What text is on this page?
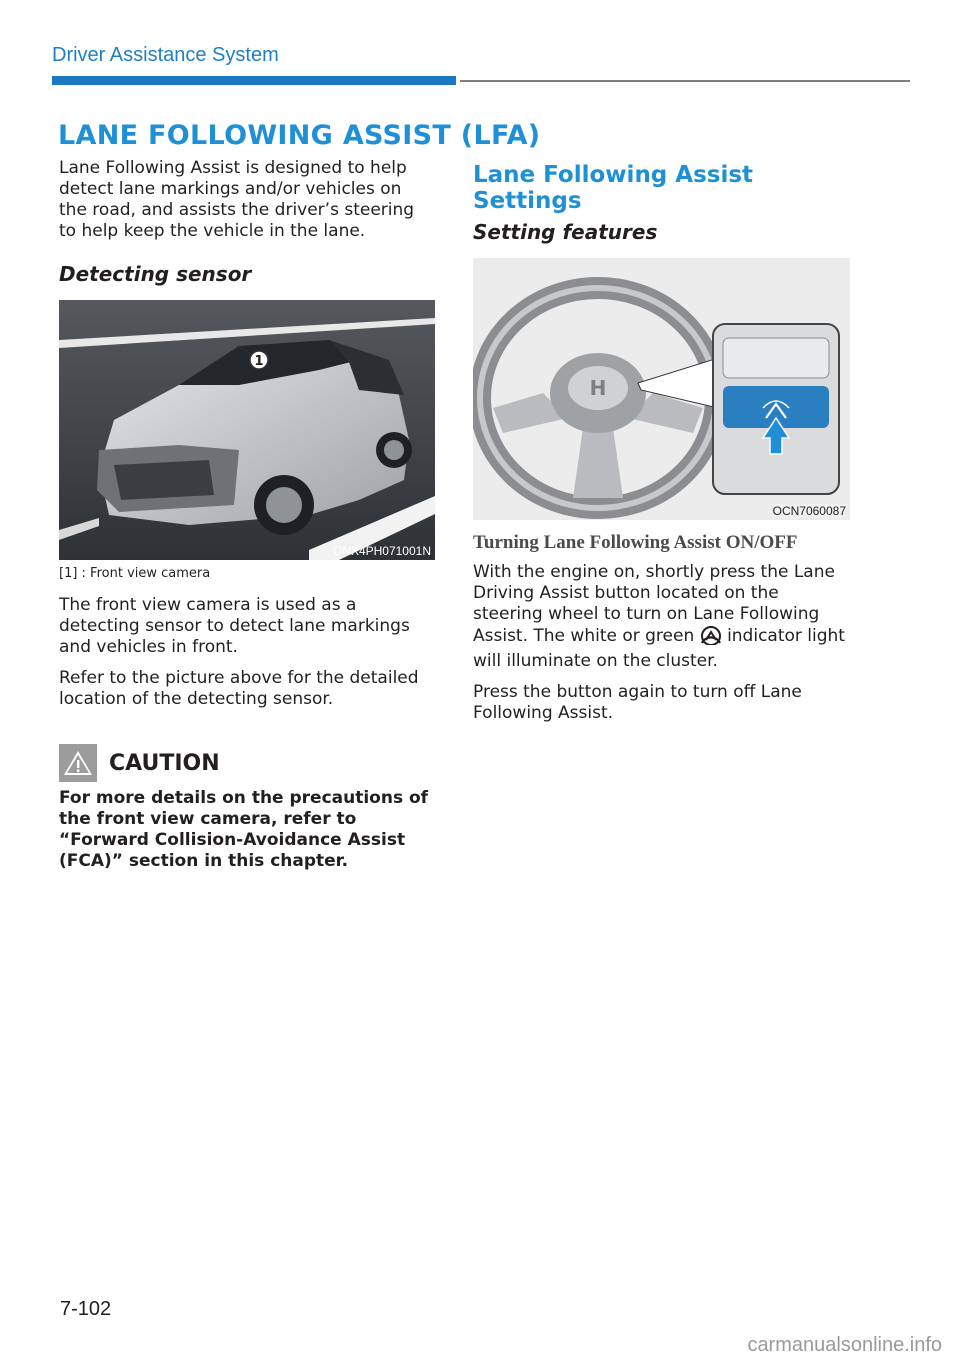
Driver Assistance System
LANE FOLLOWING ASSIST (LFA)

Lane Following Assist is designed to help detect lane markings and/or vehicles on the road, and assists the driver’s steering to help keep the vehicle in the lane.

Detecting sensor

1
ONX4PH071001N

[1] : Front view camera

The front view camera is used as a detecting sensor to detect lane markings and vehicles in front.

Refer to the picture above for the detailed location of the detecting sensor.

CAUTION

For more details on the precautions of the front view camera, refer to “Forward Collision-Avoidance Assist (FCA)” section in this chapter.

Lane Following Assist Settings

Setting features

H
OCN7060087

Turning Lane Following Assist ON/OFF

With the engine on, shortly press the Lane Driving Assist button located on the steering wheel to turn on Lane Following Assist. The white or green indicator light will illuminate on the cluster.

Press the button again to turn off Lane Following Assist.

7-102
carmanualsonline.info
